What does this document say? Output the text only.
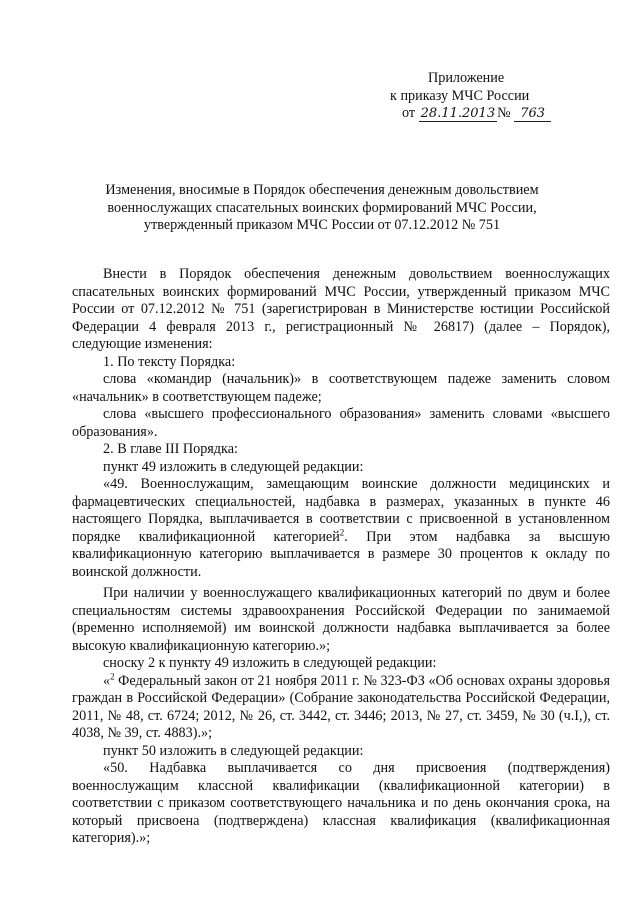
Приложение
к приказу МЧС России
от 28.11.2013 № 763
Изменения, вносимые в Порядок обеспечения денежным довольствием
военнослужащих спасательных воинских формирований МЧС России,
утвержденный приказом МЧС России от 07.12.2012 № 751

Внести в Порядок обеспечения денежным довольствием военнослужащих спасательных воинских формирований МЧС России, утвержденный приказом МЧС России от 07.12.2012 № 751 (зарегистрирован в Министерстве юстиции Российской Федерации 4 февраля 2013 г., регистрационный № 26817) (далее – Порядок), следующие изменения:

1. По тексту Порядка:

слова «командир (начальник)» в соответствующем падеже заменить словом «начальник» в соответствующем падеже;

слова «высшего профессионального образования» заменить словами «высшего образования».

2. В главе III Порядка:

пункт 49 изложить в следующей редакции:

«49. Военнослужащим, замещающим воинские должности медицинских и фармацевтических специальностей, надбавка в размерах, указанных в пункте 46 настоящего Порядка, выплачивается в соответствии с присвоенной в установленном порядке квалификационной категорией$^2$. При этом надбавка за высшую квалификационную категорию выплачивается в размере 30 процентов к окладу по воинской должности.

При наличии у военнослужащего квалификационных категорий по двум и более специальностям системы здравоохранения Российской Федерации по занимаемой (временно исполняемой) им воинской должности надбавка выплачивается за более высокую квалификационную категорию.»;

сноску 2 к пункту 49 изложить в следующей редакции:

«$^2$ Федеральный закон от 21 ноября 2011 г. № 323-ФЗ «Об основах охраны здоровья граждан в Российской Федерации» (Собрание законодательства Российской Федерации, 2011, № 48, ст. 6724; 2012, № 26, ст. 3442, ст. 3446; 2013, № 27, ст. 3459, № 30 (ч.I,), ст. 4038, № 39, ст. 4883).»;

пункт 50 изложить в следующей редакции:

«50. Надбавка выплачивается со дня присвоения (подтверждения) военнослужащим классной квалификации (квалификационной категории) в соответствии с приказом соответствующего начальника и по день окончания срока, на который присвоена (подтверждена) классная квалификация (квалификационная категория).»;
